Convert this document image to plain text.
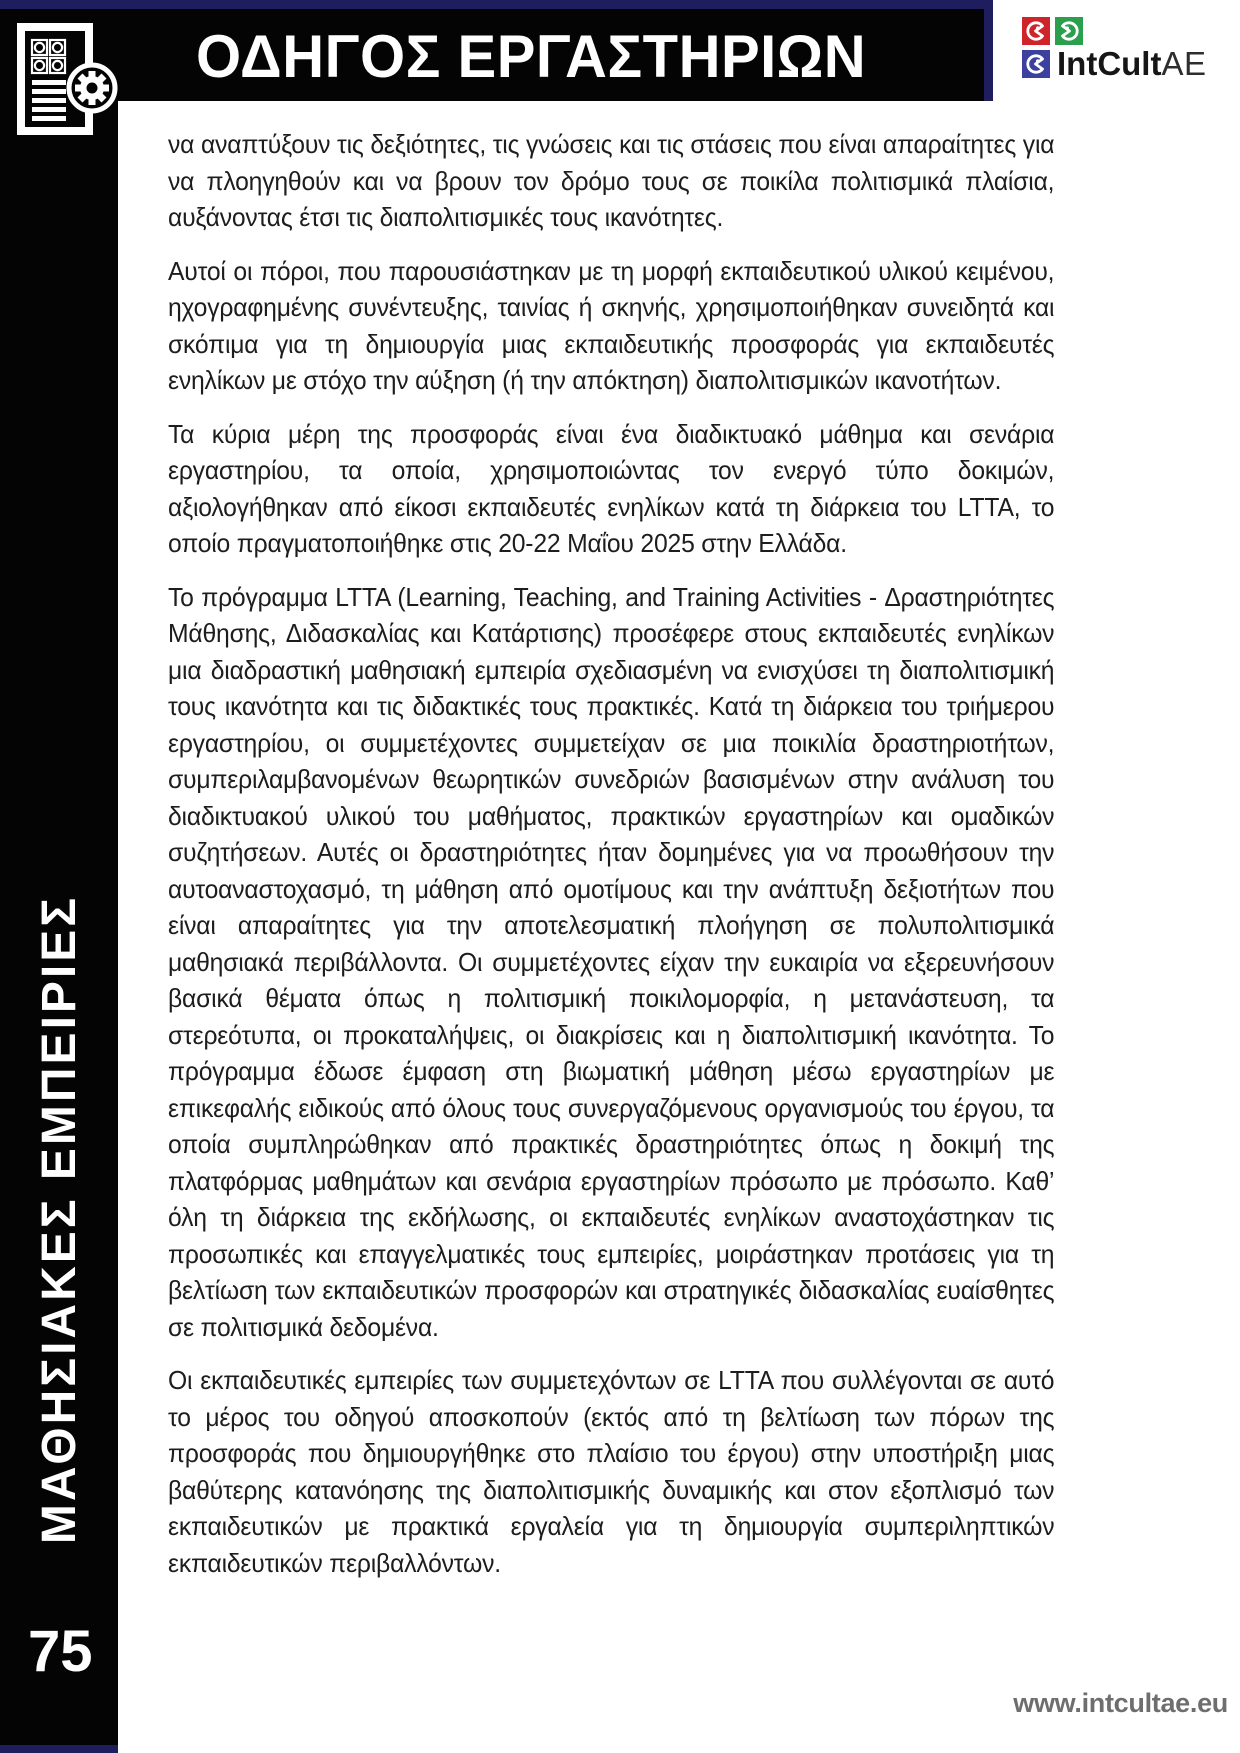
ΟΔΗΓΟΣ ΕΡΓΑΣΤΗΡΙΩΝ	IntCultAE

να αναπτύξουν τις δεξιότητες, τις γνώσεις και τις στάσεις που είναι απαραίτητες για να πλοηγηθούν και να βρουν τον δρόμο τους σε ποικίλα πολιτισμικά πλαίσια, αυξάνοντας έτσι τις διαπολιτισμικές τους ικανότητες.

Αυτοί οι πόροι, που παρουσιάστηκαν με τη μορφή εκπαιδευτικού υλικού κειμένου, ηχογραφημένης συνέντευξης, ταινίας ή σκηνής, χρησιμοποιήθηκαν συνειδητά και σκόπιμα για τη δημιουργία μιας εκπαιδευτικής προσφοράς για εκπαιδευτές ενηλίκων με στόχο την αύξηση (ή την απόκτηση) διαπολιτισμικών ικανοτήτων.

Τα κύρια μέρη της προσφοράς είναι ένα διαδικτυακό μάθημα και σενάρια εργαστηρίου, τα οποία, χρησιμοποιώντας τον ενεργό τύπο δοκιμών, αξιολογήθηκαν από είκοσι εκπαιδευτές ενηλίκων κατά τη διάρκεια του LTTA, το οποίο πραγματοποιήθηκε στις 20-22 Μαΐου 2025 στην Ελλάδα.

Το πρόγραμμα LTTA (Learning, Teaching, and Training Activities - Δραστηριότητες Μάθησης, Διδασκαλίας και Κατάρτισης) προσέφερε στους εκπαιδευτές ενηλίκων μια διαδραστική μαθησιακή εμπειρία σχεδιασμένη να ενισχύσει τη διαπολιτισμική τους ικανότητα και τις διδακτικές τους πρακτικές. Κατά τη διάρκεια του τριήμερου εργαστηρίου, οι συμμετέχοντες συμμετείχαν σε μια ποικιλία δραστηριοτήτων, συμπεριλαμβανομένων θεωρητικών συνεδριών βασισμένων στην ανάλυση του διαδικτυακού υλικού του μαθήματος, πρακτικών εργαστηρίων και ομαδικών συζητήσεων. Αυτές οι δραστηριότητες ήταν δομημένες για να προωθήσουν την αυτοαναστοχασμό, τη μάθηση από ομοτίμους και την ανάπτυξη δεξιοτήτων που είναι απαραίτητες για την αποτελεσματική πλοήγηση σε πολυπολιτισμικά μαθησιακά περιβάλλοντα. Οι συμμετέχοντες είχαν την ευκαιρία να εξερευνήσουν βασικά θέματα όπως η πολιτισμική ποικιλομορφία, η μετανάστευση, τα στερεότυπα, οι προκαταλήψεις, οι διακρίσεις και η διαπολιτισμική ικανότητα. Το πρόγραμμα έδωσε έμφαση στη βιωματική μάθηση μέσω εργαστηρίων με επικεφαλής ειδικούς από όλους τους συνεργαζόμενους οργανισμούς του έργου, τα οποία συμπληρώθηκαν από πρακτικές δραστηριότητες όπως η δοκιμή της πλατφόρμας μαθημάτων και σενάρια εργαστηρίων πρόσωπο με πρόσωπο. Καθ’ όλη τη διάρκεια της εκδήλωσης, οι εκπαιδευτές ενηλίκων αναστοχάστηκαν τις προσωπικές και επαγγελματικές τους εμπειρίες, μοιράστηκαν προτάσεις για τη βελτίωση των εκπαιδευτικών προσφορών και στρατηγικές διδασκαλίας ευαίσθητες σε πολιτισμικά δεδομένα.

Οι εκπαιδευτικές εμπειρίες των συμμετεχόντων σε LTTA που συλλέγονται σε αυτό το μέρος του οδηγού αποσκοπούν (εκτός από τη βελτίωση των πόρων της προσφοράς που δημιουργήθηκε στο πλαίσιο του έργου) στην υποστήριξη μιας βαθύτερης κατανόησης της διαπολιτισμικής δυναμικής και στον εξοπλισμό των εκπαιδευτικών με πρακτικά εργαλεία για τη δημιουργία συμπεριληπτικών εκπαιδευτικών περιβαλλόντων.

ΜΑΘΗΣΙΑΚΕΣ ΕΜΠΕΙΡΙΕΣ
75
www.intcultae.eu
